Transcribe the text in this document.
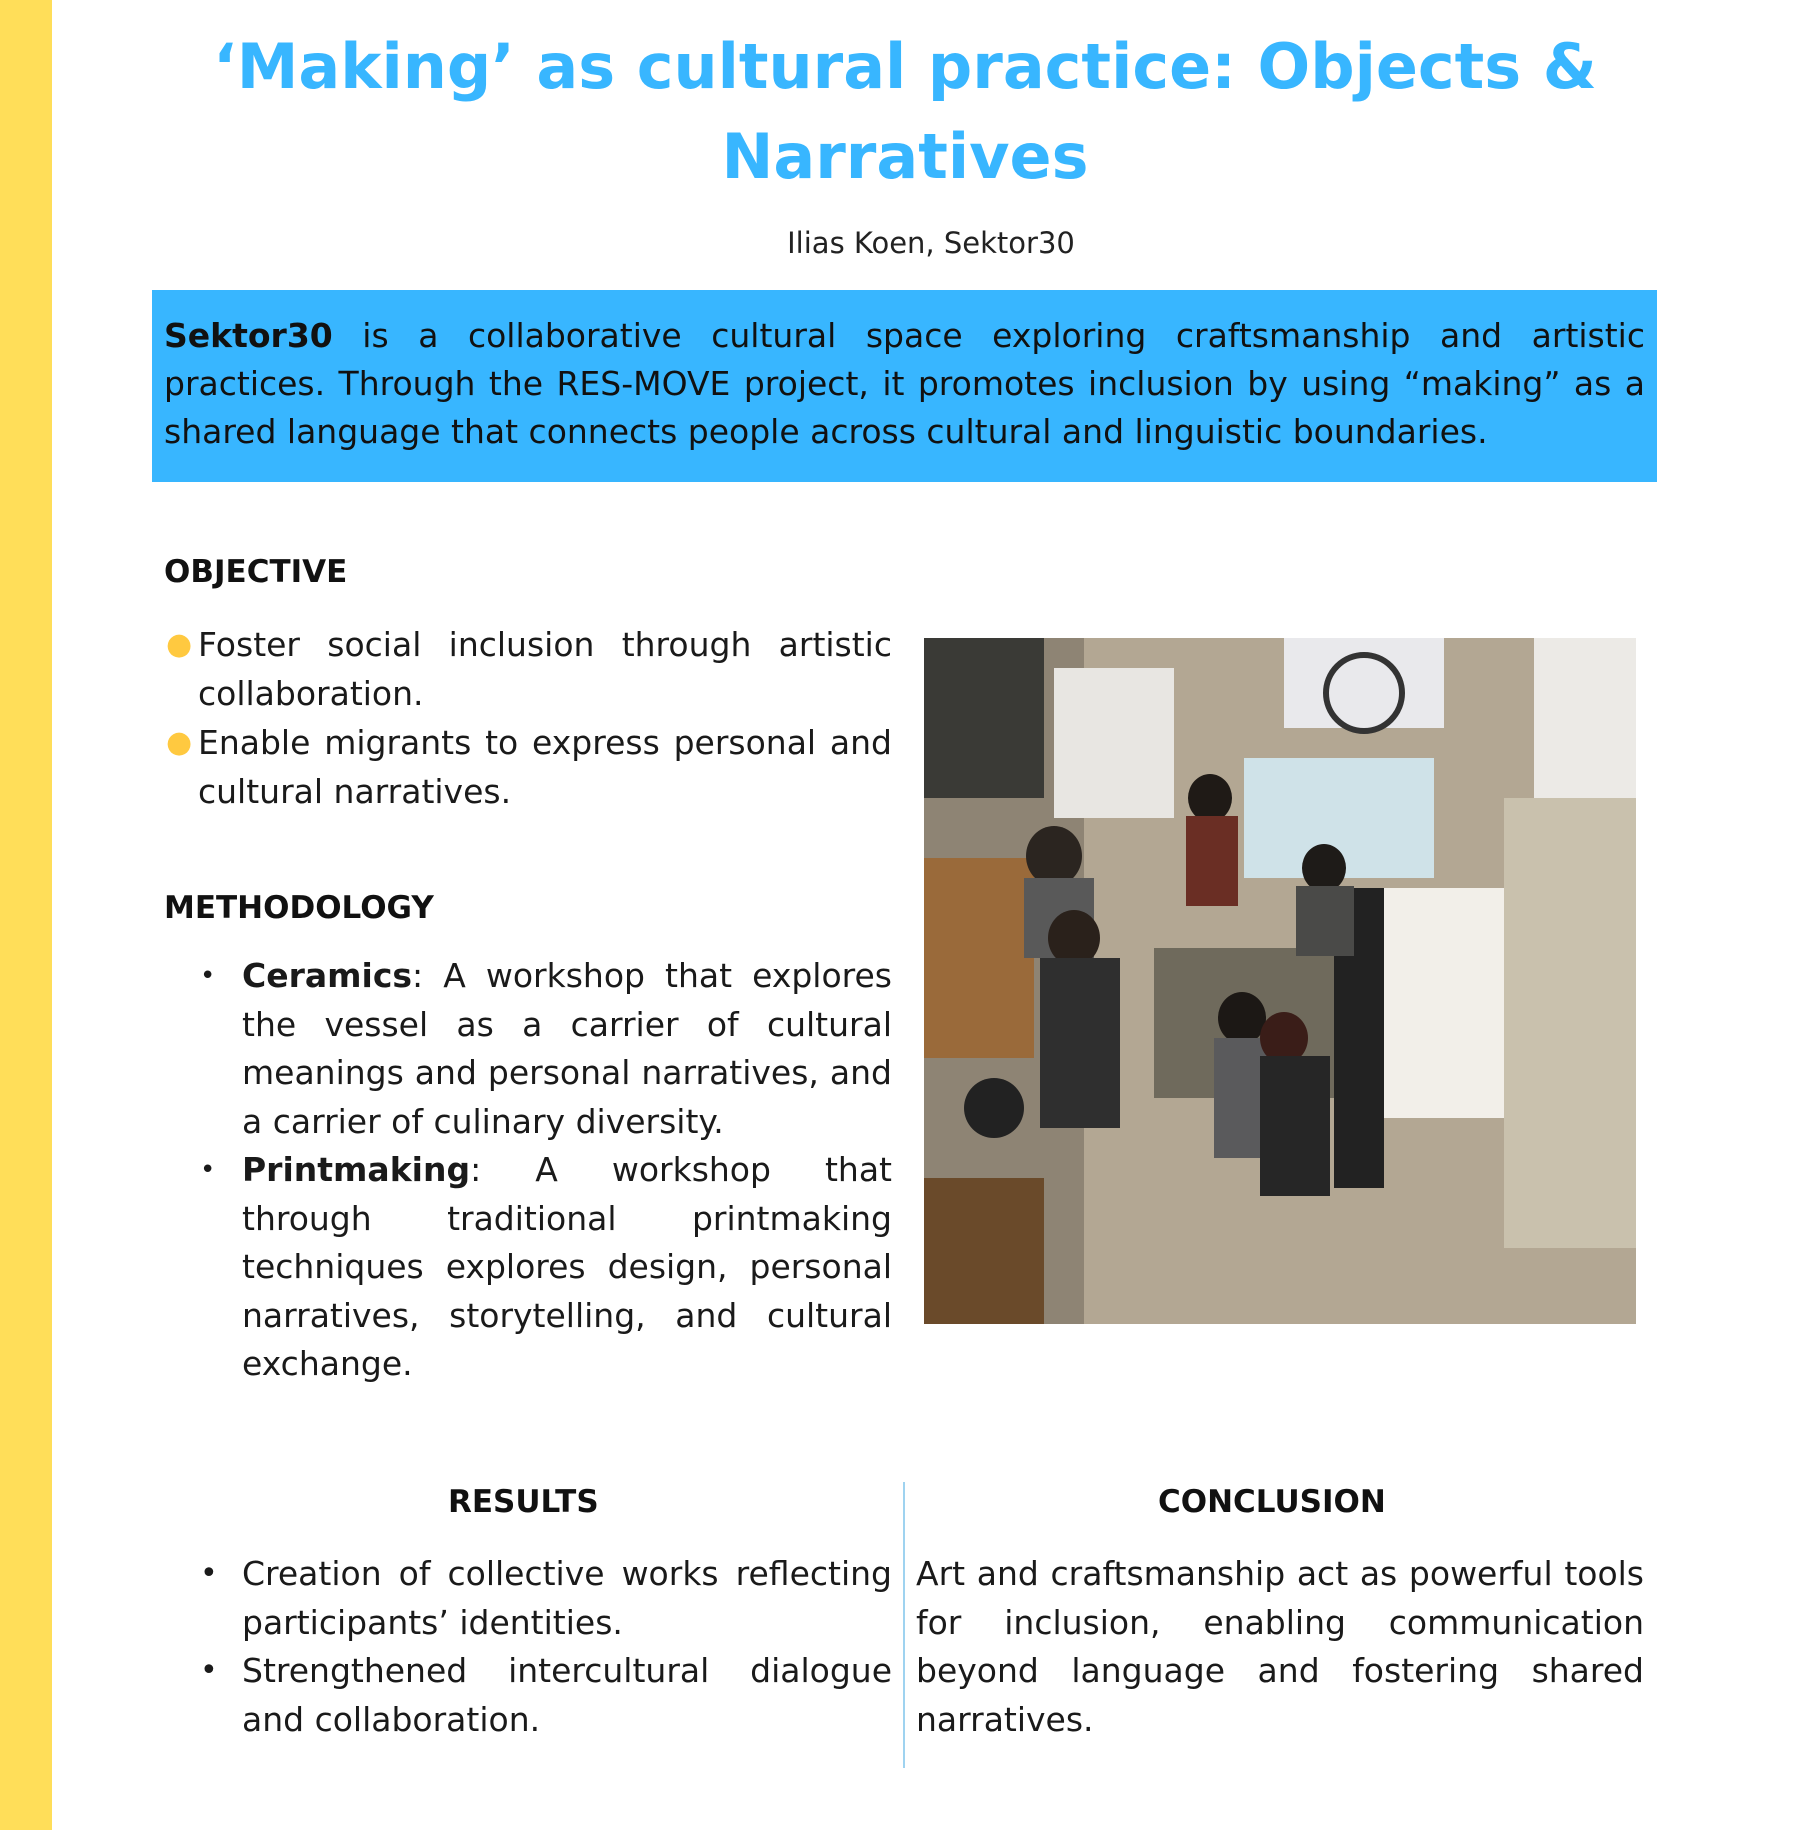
‘Making’ as cultural practice: Objects & Narratives
Ilias Koen, Sektor30
Sektor30 is a collaborative cultural space exploring craftsmanship and artistic practices. Through the RES-MOVE project, it promotes inclusion by using “making” as a shared language that connects people across cultural and linguistic boundaries.
OBJECTIVE
● Foster social inclusion through artistic collaboration.
● Enable migrants to express personal and cultural narratives.
METHODOLOGY
• Ceramics: A workshop that explores the vessel as a carrier of cultural meanings and personal narratives, and a carrier of culinary diversity.
• Printmaking: A workshop that through traditional printmaking techniques explores design, personal narratives, storytelling, and cultural exchange.
RESULTS	CONCLUSION
• Creation of collective works reflecting participants’ identities.
• Strengthened intercultural dialogue and collaboration.

Art and craftsmanship act as powerful tools for inclusion, enabling communication beyond language and fostering shared narratives.
